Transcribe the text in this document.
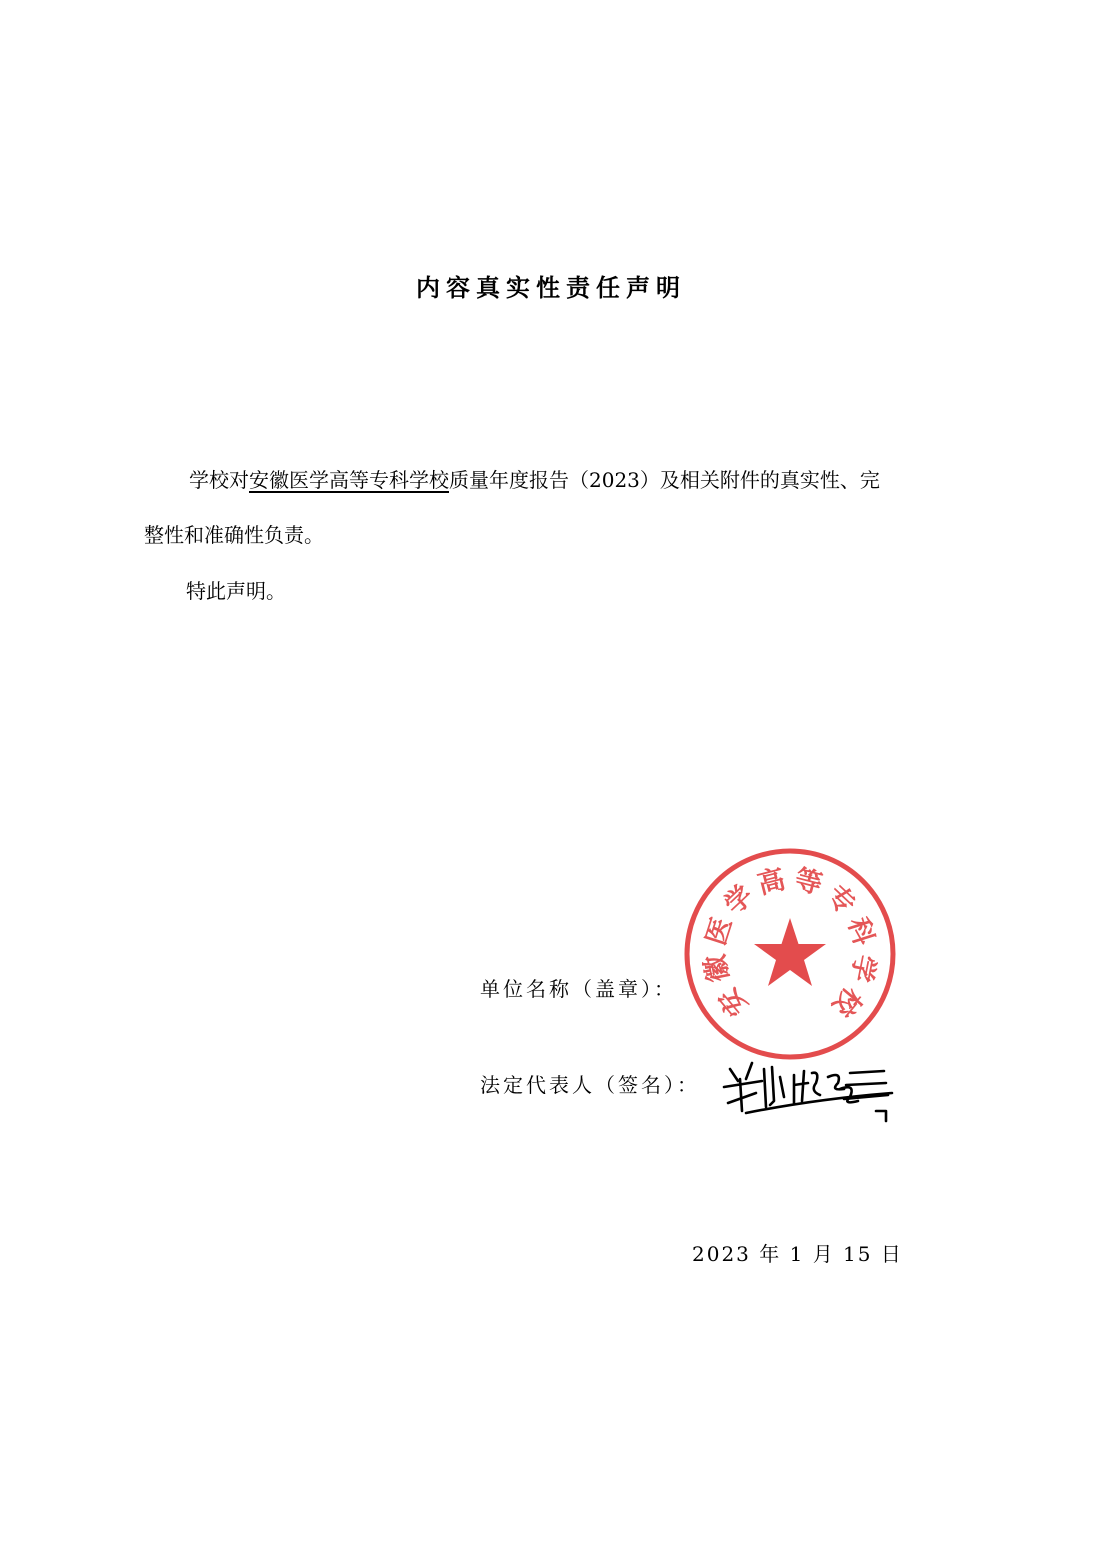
内容真实性责任声明
学校对安徽医学高等专科学校质量年度报告（2023）及相关附件的真实性、完
整性和准确性负责。
特此声明。
单位名称（盖章）：
法定代表人（签名）：
2023 年 1 月 15 日
安
徽
医
学
高 等
专
科
学
校
